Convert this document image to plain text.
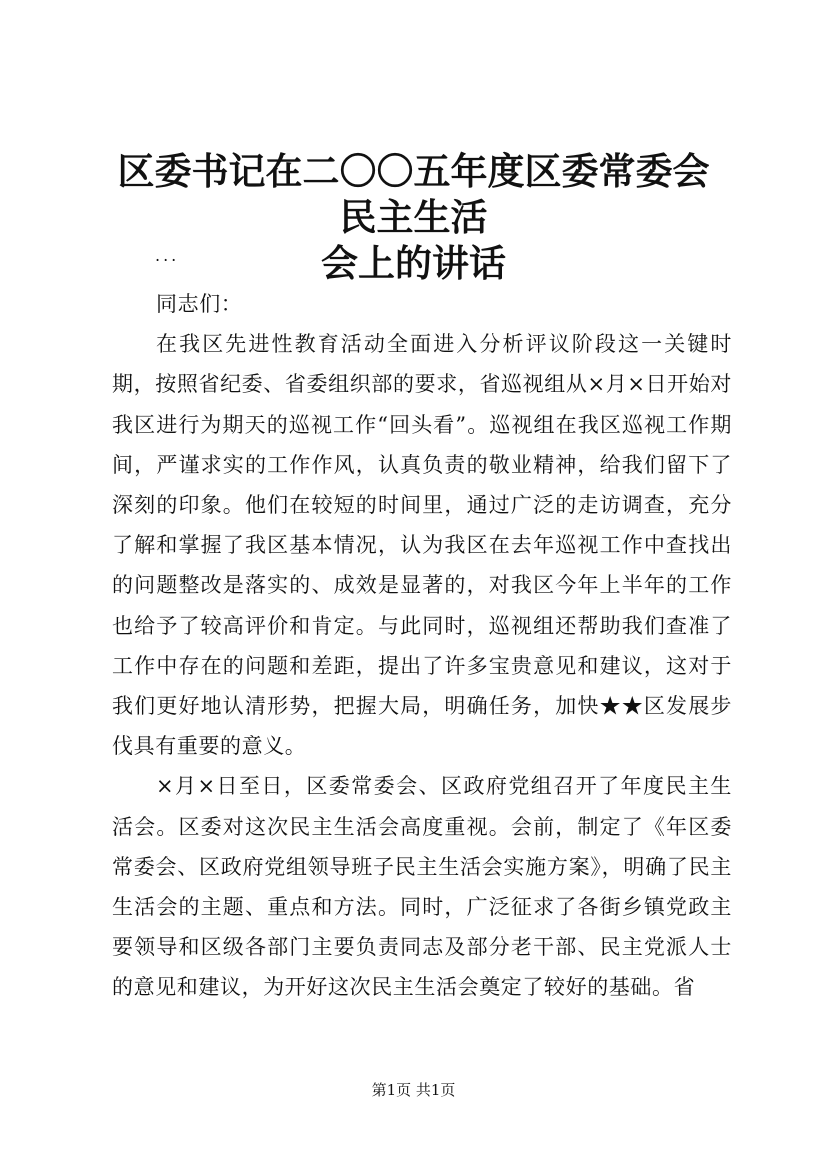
区委书记在二〇〇五年度区委常委会民主生活
会上的讲话
...

同志们：

在我区先进性教育活动全面进入分析评议阶段这一关键时期，按照省纪委、省委组织部的要求，省巡视组从×月×日开始对我区进行为期天的巡视工作“回头看”。巡视组在我区巡视工作期间，严谨求实的工作作风，认真负责的敬业精神，给我们留下了深刻的印象。他们在较短的时间里，通过广泛的走访调查，充分了解和掌握了我区基本情况，认为我区在去年巡视工作中查找出的问题整改是落实的、成效是显著的，对我区今年上半年的工作也给予了较高评价和肯定。与此同时，巡视组还帮助我们查准了工作中存在的问题和差距，提出了许多宝贵意见和建议，这对于我们更好地认清形势，把握大局，明确任务，加快★★区发展步伐具有重要的意义。

×月×日至日，区委常委会、区政府党组召开了年度民主生活会。区委对这次民主生活会高度重视。会前，制定了《年区委常委会、区政府党组领导班子民主生活会实施方案》，明确了民主生活会的主题、重点和方法。同时，广泛征求了各街乡镇党政主要领导和区级各部门主要负责同志及部分老干部、民主党派人士的意见和建议，为开好这次民主生活会奠定了较好的基础。省

第1页 共1页
